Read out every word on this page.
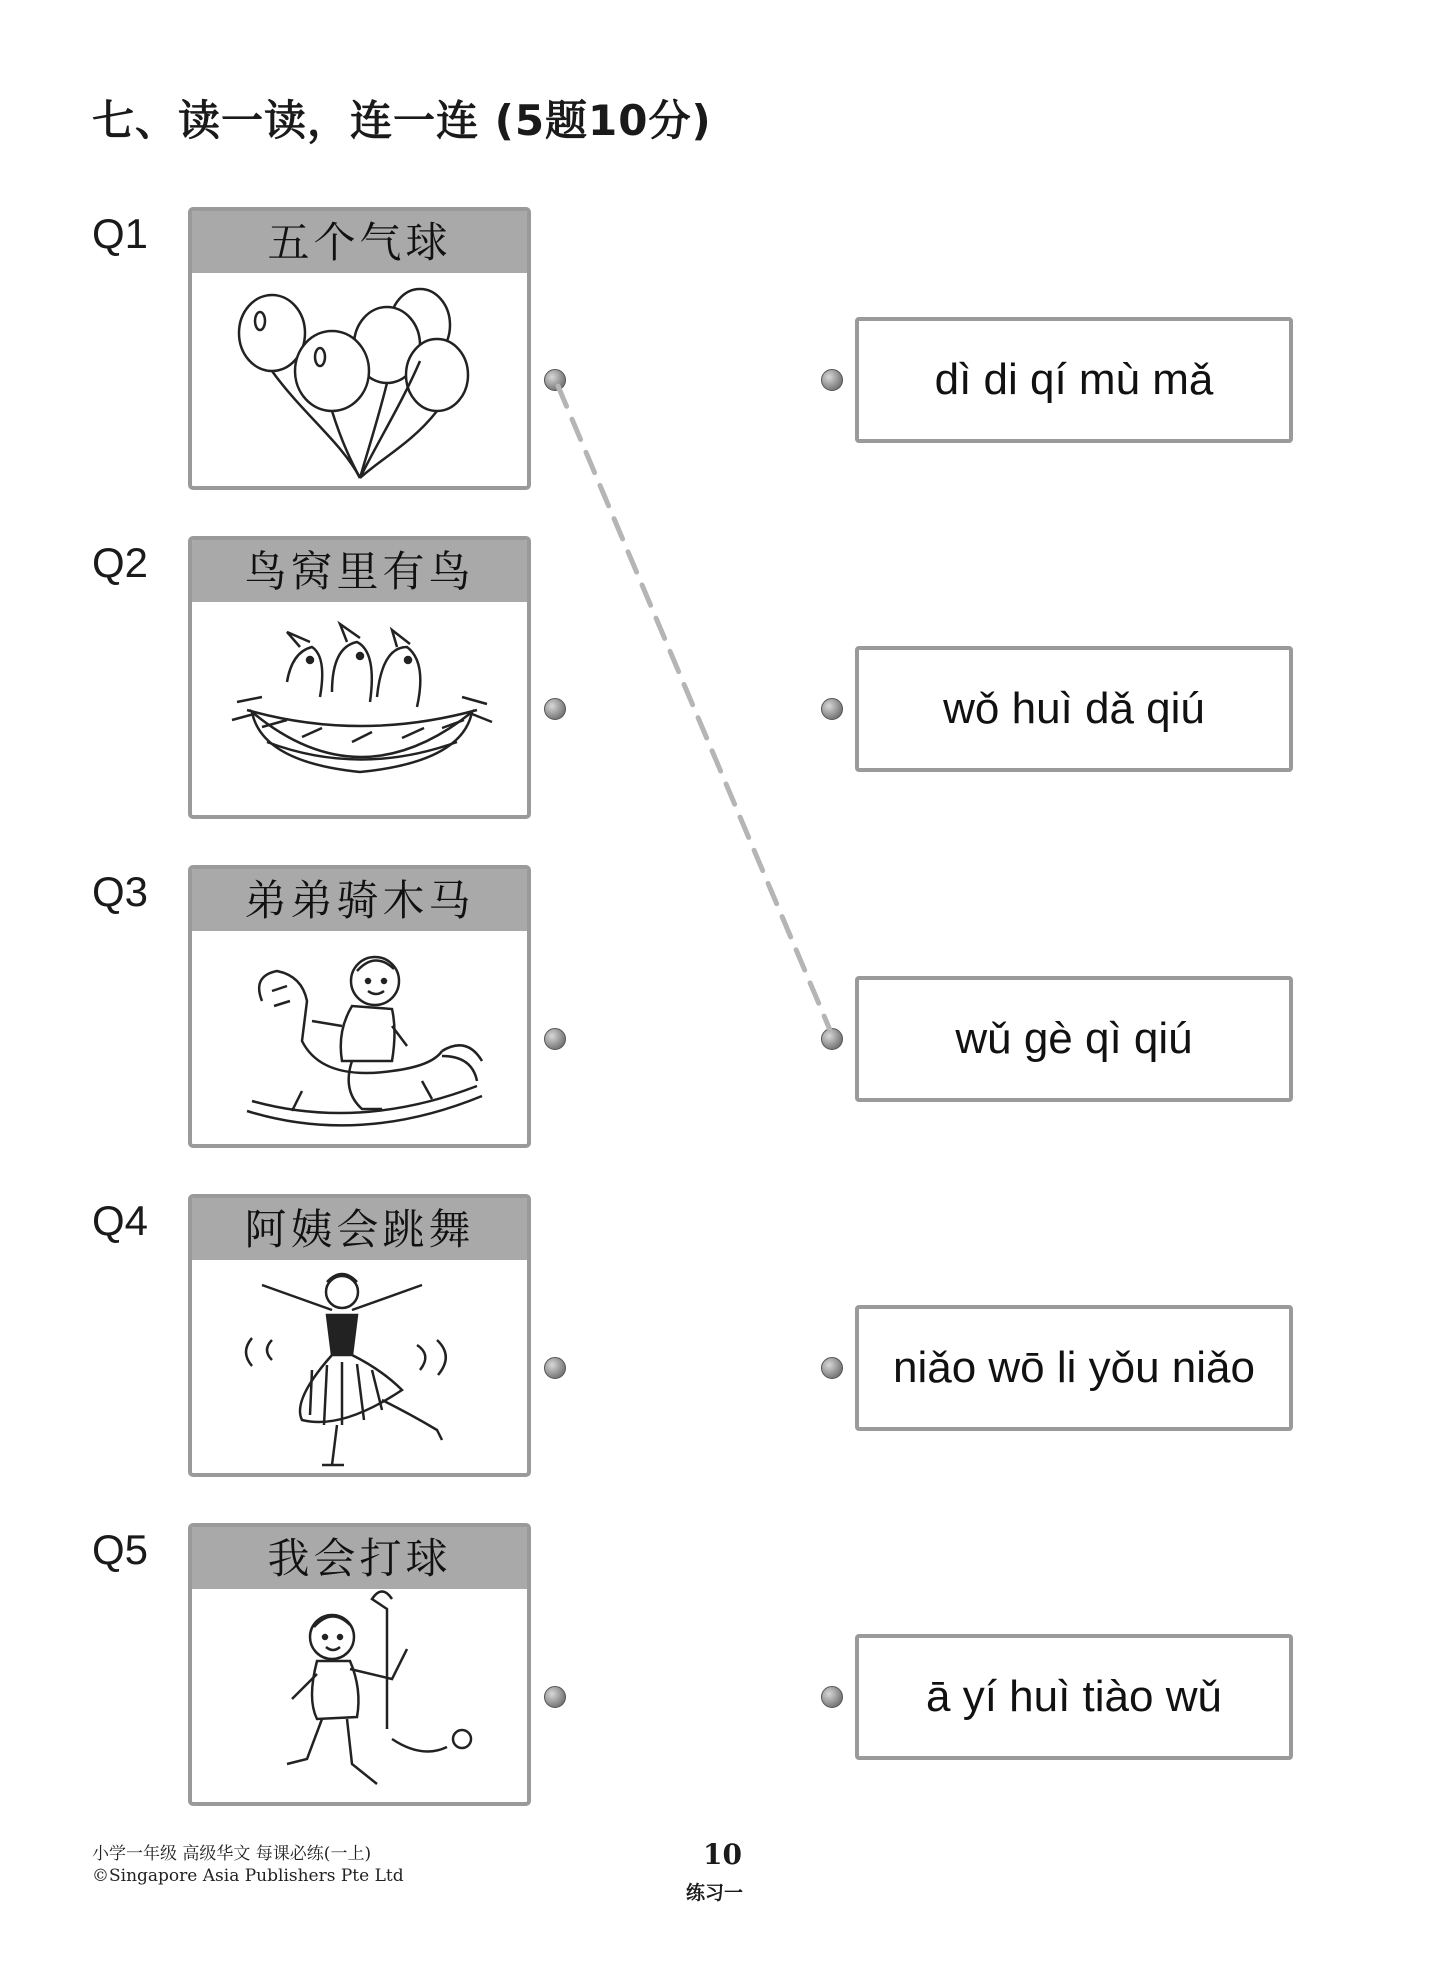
七、读一读，连一连 (5题10分)
Q1	五个气球
Q2	鸟窝里有鸟
Q3	弟弟骑木马
Q4	阿姨会跳舞
Q5	我会打球
dì di qí mù mǎ
wǒ huì dǎ qiú
wǔ gè qì qiú
niǎo wō li yǒu niǎo
ā yí huì tiào wǔ
小学一年级 高级华文 每课必练(一上)
©Singapore Asia Publishers Pte Ltd
10
练习一
